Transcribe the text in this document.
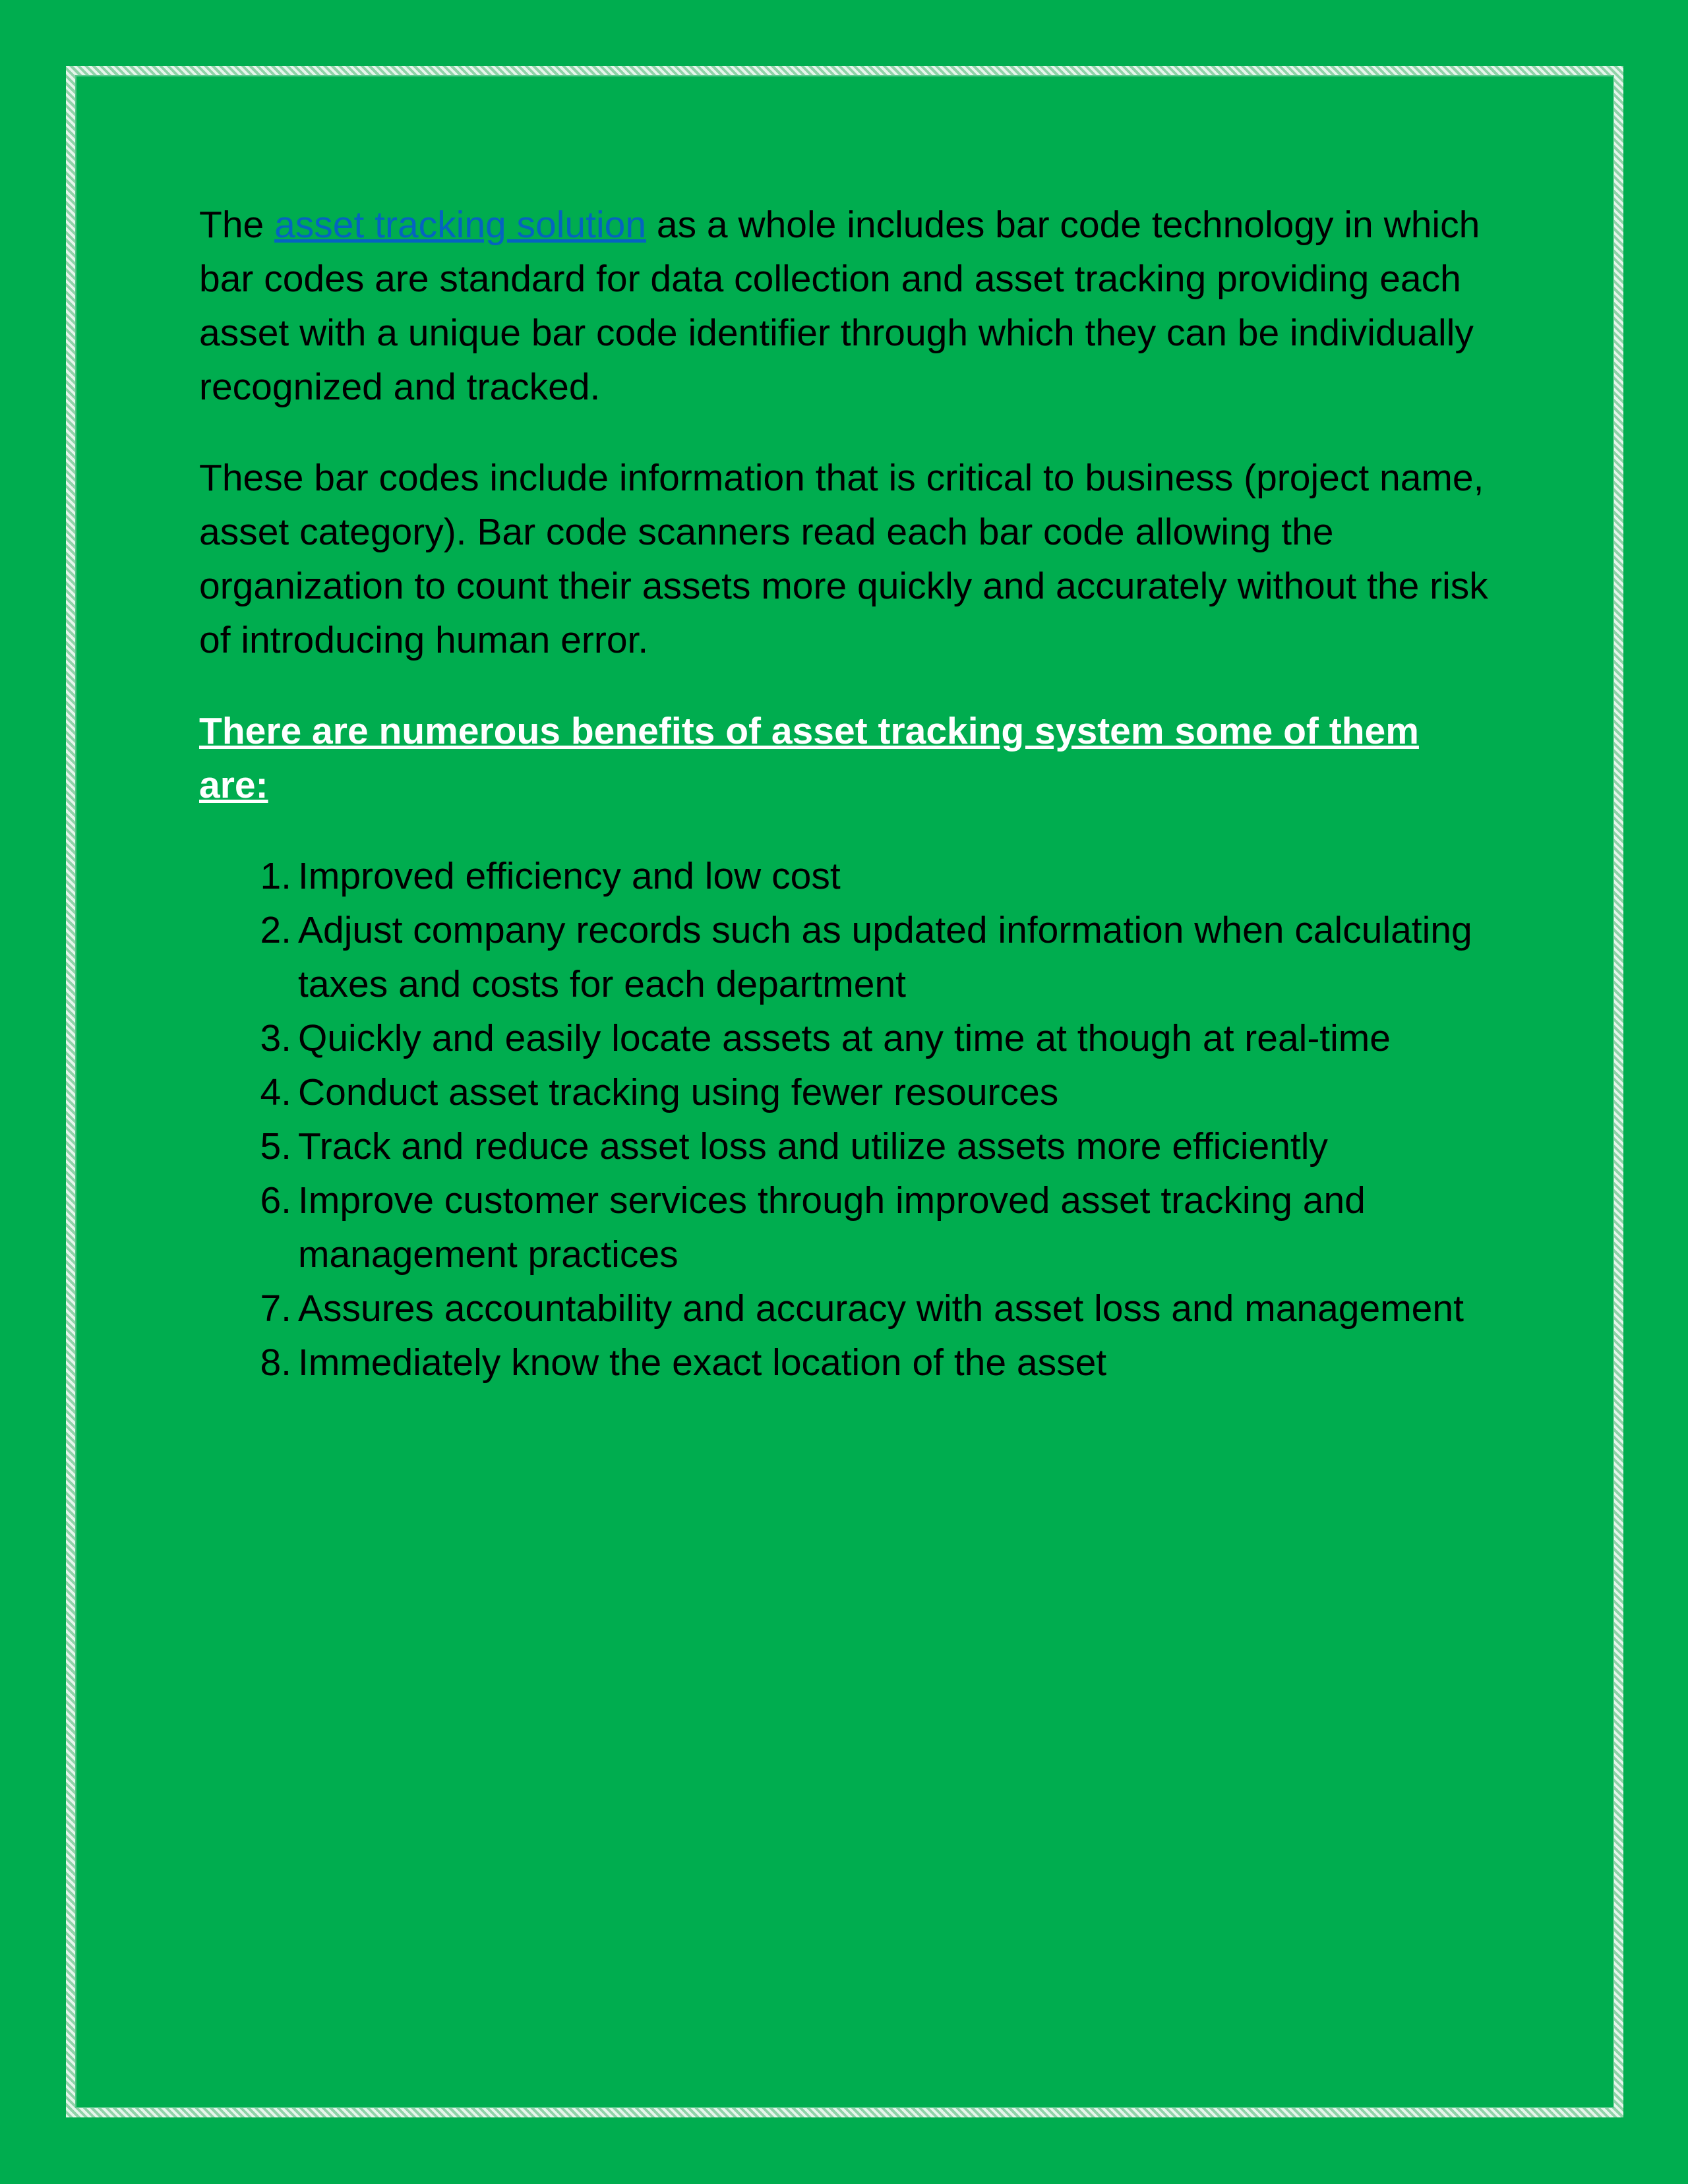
The asset tracking solution as a whole includes bar code technology in which bar codes are standard for data collection and asset tracking providing each asset with a unique bar code identifier through which they can be individually recognized and tracked.

These bar codes include information that is critical to business (project name, asset category). Bar code scanners read each bar code allowing the organization to count their assets more quickly and accurately without the risk of introducing human error.

There are numerous benefits of asset tracking system some of them are:
1. Improved efficiency and low cost
2. Adjust company records such as updated information when calculating taxes and costs for each department
3. Quickly and easily locate assets at any time at though at real-time
4. Conduct asset tracking using fewer resources
5. Track and reduce asset loss and utilize assets more efficiently
6. Improve customer services through improved asset tracking and management practices
7. Assures accountability and accuracy with asset loss and management
8. Immediately know the exact location of the asset
